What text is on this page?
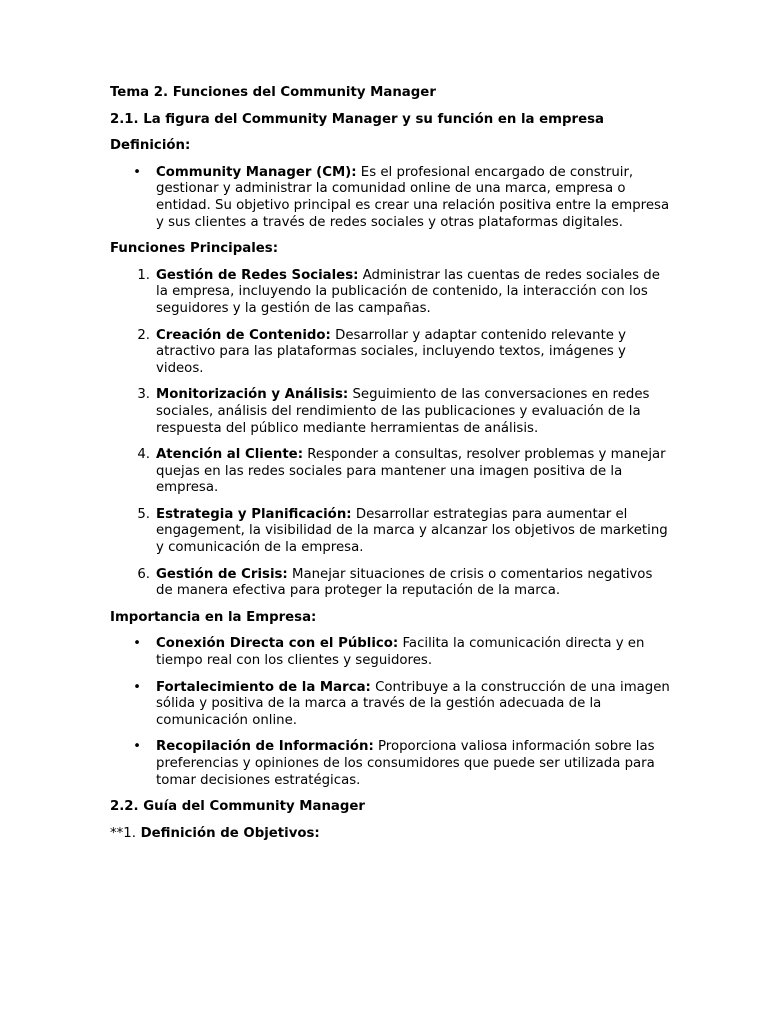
Tema 2. Funciones del Community Manager
2.1. La figura del Community Manager y su función en la empresa
Definición:
• Community Manager (CM): Es el profesional encargado de construir, gestionar y administrar la comunidad online de una marca, empresa o entidad. Su objetivo principal es crear una relación positiva entre la empresa y sus clientes a través de redes sociales y otras plataformas digitales.
Funciones Principales:
1. Gestión de Redes Sociales: Administrar las cuentas de redes sociales de la empresa, incluyendo la publicación de contenido, la interacción con los seguidores y la gestión de las campañas.
2. Creación de Contenido: Desarrollar y adaptar contenido relevante y atractivo para las plataformas sociales, incluyendo textos, imágenes y videos.
3. Monitorización y Análisis: Seguimiento de las conversaciones en redes sociales, análisis del rendimiento de las publicaciones y evaluación de la respuesta del público mediante herramientas de análisis.
4. Atención al Cliente: Responder a consultas, resolver problemas y manejar quejas en las redes sociales para mantener una imagen positiva de la empresa.
5. Estrategia y Planificación: Desarrollar estrategias para aumentar el engagement, la visibilidad de la marca y alcanzar los objetivos de marketing y comunicación de la empresa.
6. Gestión de Crisis: Manejar situaciones de crisis o comentarios negativos de manera efectiva para proteger la reputación de la marca.
Importancia en la Empresa:
• Conexión Directa con el Público: Facilita la comunicación directa y en tiempo real con los clientes y seguidores.
• Fortalecimiento de la Marca: Contribuye a la construcción de una imagen sólida y positiva de la marca a través de la gestión adecuada de la comunicación online.
• Recopilación de Información: Proporciona valiosa información sobre las preferencias y opiniones de los consumidores que puede ser utilizada para tomar decisiones estratégicas.
2.2. Guía del Community Manager
**1. Definición de Objetivos:
